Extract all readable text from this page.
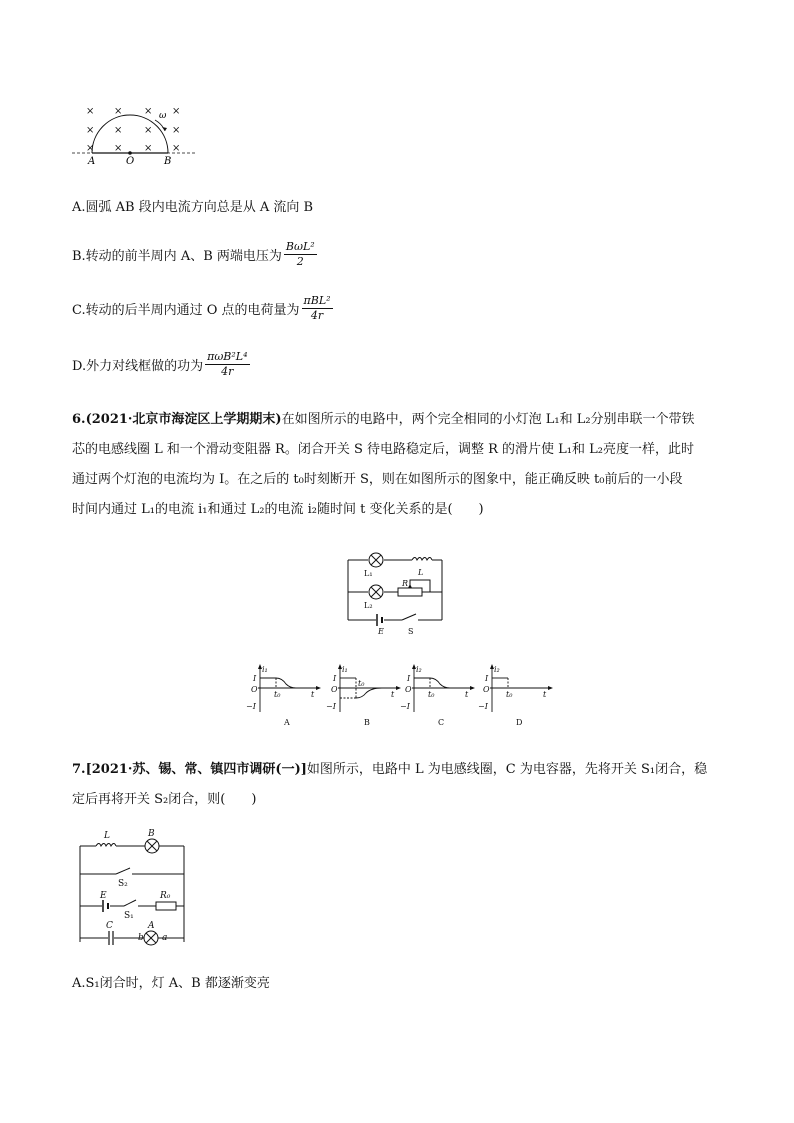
× × × ×
× × × ×
× × × ×
ω
A	O	B
A.圆弧 AB 段内电流方向总是从 A 流向 B
B.转动的前半周内 A、B 两端电压为 $\frac{\text{BωL²}}{2}$
C.转动的后半周内通过 O 点的电荷量为 $\frac{\text{πBL²}}{4r}$
D.外力对线框做的功为 $\frac{\text{πωB²L⁴}}{4r}$
6.(2021·北京市海淀区上学期期末)在如图所示的电路中，两个完全相同的小灯泡 L₁和 L₂分别串联一个带铁
芯的电感线圈 L 和一个滑动变阻器 R。闭合开关 S 待电路稳定后，调整 R 的滑片使 L₁和 L₂亮度一样，此时
通过两个灯泡的电流均为 I。在之后的 t₀时刻断开 S，则在如图所示的图象中，能正确反映 t₀前后的一小段
时间内通过 L₁的电流 i₁和通过 L₂的电流 i₂随时间 t 变化关系的是(　　)
L₁	L
R
L₂
E	S
i₁
I
O
−I
t₀	t
A
i₁
I
O
−I
t₀
t
B
i₂
I
O
−I
t₀	t
C
i₂
I
O
−I
t₀	t
D
7.[2021·苏、锡、常、镇四市调研(一)]如图所示，电路中 L 为电感线圈，C 为电容器，先将开关 S₁闭合，稳
定后再将开关 S₂闭合，则(　　)
L	B
S₂
E
S₁
R₀
C
b
A
a
A.S₁闭合时，灯 A、B 都逐渐变亮
